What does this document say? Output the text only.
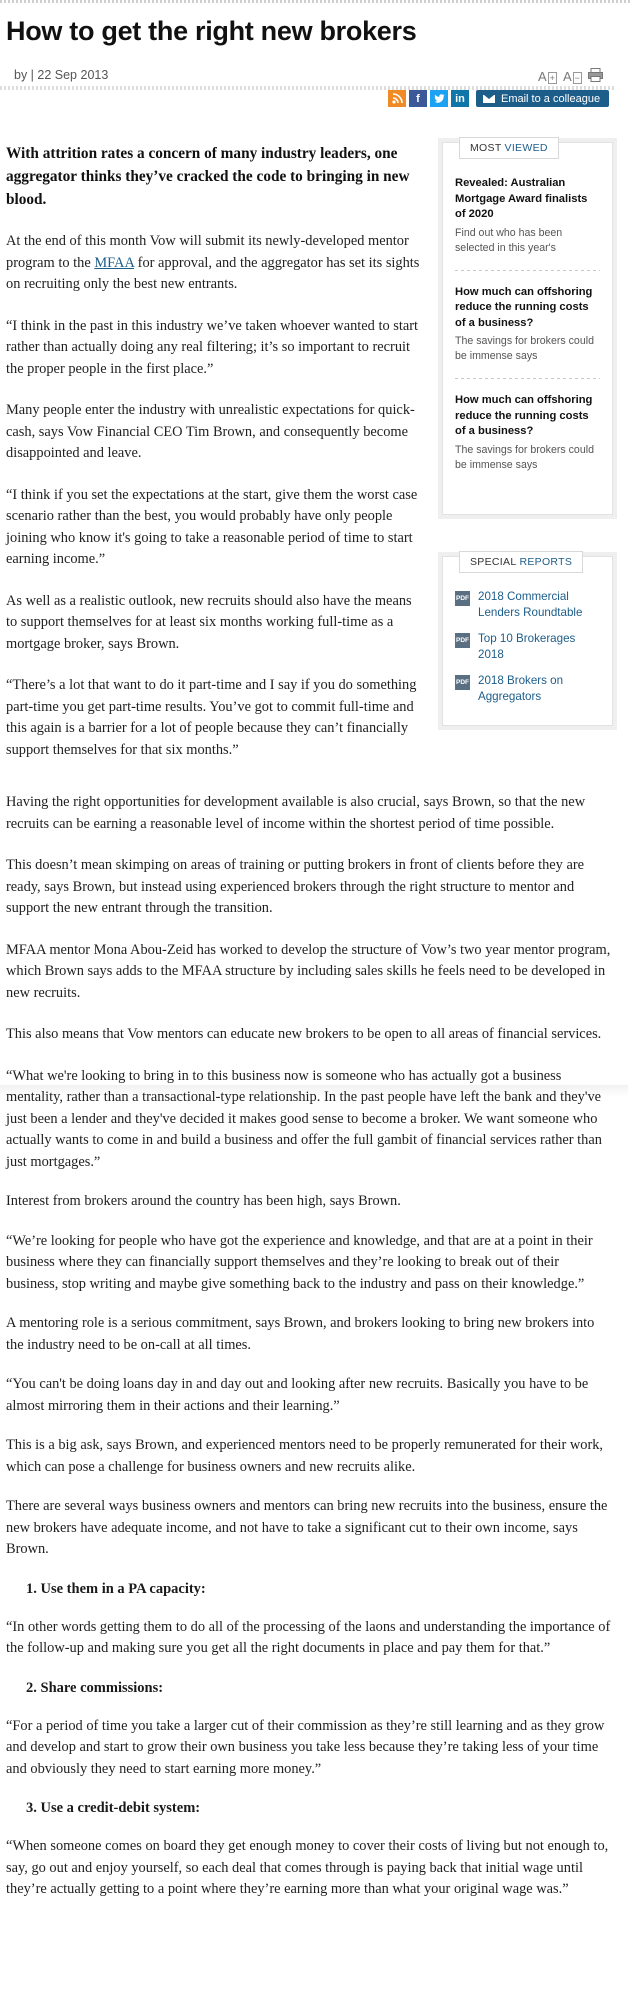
How to get the right new brokers
by | 22 Sep 2013	A + A −
f	in	Email to a colleague

With attrition rates a concern of many industry leaders, one aggregator thinks they’ve cracked the code to bringing in new blood.

At the end of this month Vow will submit its newly-developed mentor program to the MFAA for approval, and the aggregator has set its sights on recruiting only the best new entrants.

“I think in the past in this industry we’ve taken whoever wanted to start rather than actually doing any real filtering; it’s so important to recruit the proper people in the first place.”

Many people enter the industry with unrealistic expectations for quick-cash, says Vow Financial CEO Tim Brown, and consequently become disappointed and leave.

“I think if you set the expectations at the start, give them the worst case scenario rather than the best, you would probably have only people joining who know it's going to take a reasonable period of time to start earning income.”

As well as a realistic outlook, new recruits should also have the means to support themselves for at least six months working full-time as a mortgage broker, says Brown.

“There’s a lot that want to do it part-time and I say if you do something part-time you get part-time results. You’ve got to commit full-time and this again is a barrier for a lot of people because they can’t financially support themselves for that six months.”

MOST VIEWED
Revealed: Australian Mortgage Award finalists of 2020
Find out who has been selected in this year's
How much can offshoring reduce the running costs of a business?
The savings for brokers could be immense says
How much can offshoring reduce the running costs of a business?
The savings for brokers could be immense says
SPECIAL REPORTS
PDF 2018 Commercial Lenders Roundtable
PDF Top 10 Brokerages 2018
PDF 2018 Brokers on Aggregators

Having the right opportunities for development available is also crucial, says Brown, so that the new recruits can be earning a reasonable level of income within the shortest period of time possible.

This doesn’t mean skimping on areas of training or putting brokers in front of clients before they are ready, says Brown, but instead using experienced brokers through the right structure to mentor and support the new entrant through the transition.

MFAA mentor Mona Abou-Zeid has worked to develop the structure of Vow’s two year mentor program, which Brown says adds to the MFAA structure by including sales skills he feels need to be developed in new recruits.

This also means that Vow mentors can educate new brokers to be open to all areas of financial services.

“What we're looking to bring in to this business now is someone who has actually got a business mentality, rather than a transactional-type relationship. In the past people have left the bank and they've just been a lender and they've decided it makes good sense to become a broker. We want someone who actually wants to come in and build a business and offer the full gambit of financial services rather than just mortgages.”

Interest from brokers around the country has been high, says Brown.

“We’re looking for people who have got the experience and knowledge, and that are at a point in their business where they can financially support themselves and they’re looking to break out of their business, stop writing and maybe give something back to the industry and pass on their knowledge.”

A mentoring role is a serious commitment, says Brown, and brokers looking to bring new brokers into the industry need to be on-call at all times.

“You can't be doing loans day in and day out and looking after new recruits. Basically you have to be almost mirroring them in their actions and their learning.”

This is a big ask, says Brown, and experienced mentors need to be properly remunerated for their work, which can pose a challenge for business owners and new recruits alike.

There are several ways business owners and mentors can bring new recruits into the business, ensure the new brokers have adequate income, and not have to take a significant cut to their own income, says Brown.

1. Use them in a PA capacity:

“In other words getting them to do all of the processing of the laons and understanding the importance of the follow-up and making sure you get all the right documents in place and pay them for that.”

2. Share commissions:

“For a period of time you take a larger cut of their commission as they’re still learning and as they grow and develop and start to grow their own business you take less because they’re taking less of your time and obviously they need to start earning more money.”

3. Use a credit-debit system:

“When someone comes on board they get enough money to cover their costs of living but not enough to, say, go out and enjoy yourself, so each deal that comes through is paying back that initial wage until they’re actually getting to a point where they’re earning more than what your original wage was.”
